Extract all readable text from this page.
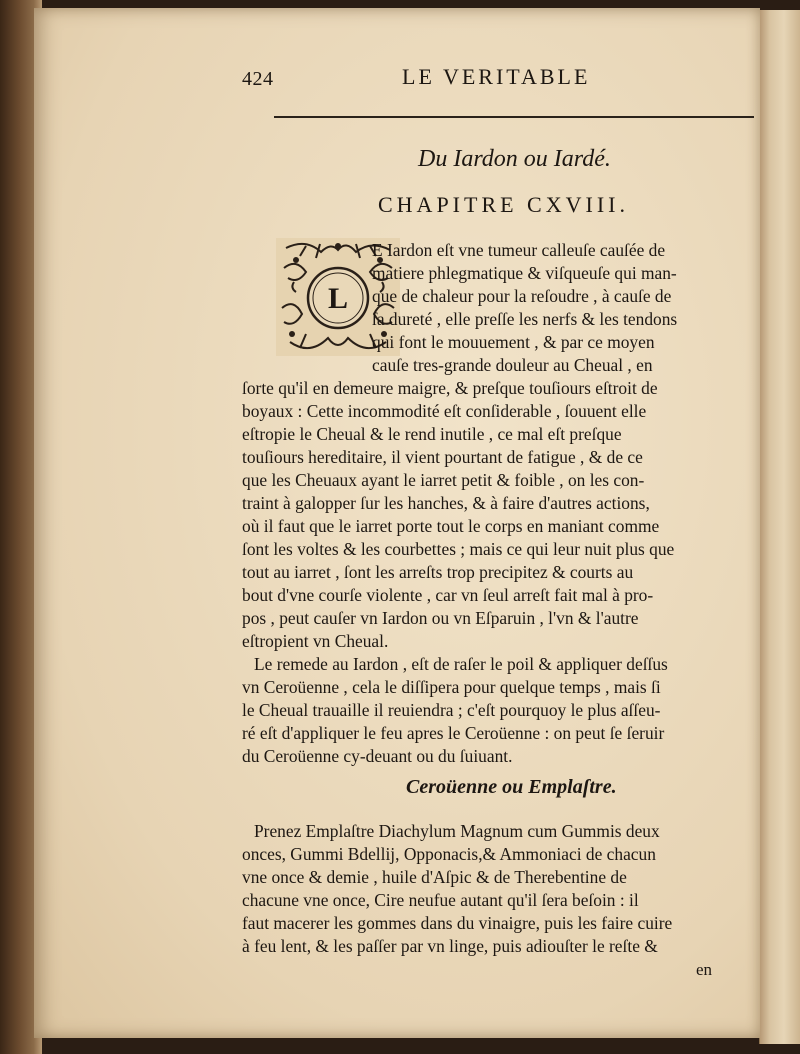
424	LE VERITABLE
Du Iardon ou Iardé.
CHAPITRE CXVIII.
L
E Iardon eſt vne tumeur calleuſe cauſée de
matiere phlegmatique & viſqueuſe qui man-
que de chaleur pour la reſoudre , à cauſe de
ſa dureté , elle preſſe les nerfs & les tendons
qui font le mouuement , & par ce moyen
cauſe tres-grande douleur au Cheual , en
ſorte qu'il en demeure maigre, & preſque touſiours eſtroit de
boyaux : Cette incommodité eſt conſiderable , ſouuent elle
eſtropie le Cheual & le rend inutile , ce mal eſt preſque
touſiours hereditaire, il vient pourtant de fatigue , & de ce
que les Cheuaux ayant le iarret petit & foible , on les con-
traint à galopper ſur les hanches, & à faire d'autres actions,
où il faut que le iarret porte tout le corps en maniant comme
ſont les voltes & les courbettes ; mais ce qui leur nuit plus que
tout au iarret , ſont les arreſts trop precipitez & courts au
bout d'vne courſe violente , car vn ſeul arreſt fait mal à pro-
pos , peut cauſer vn Iardon ou vn Eſparuin , l'vn & l'autre
eſtropient vn Cheual.
Le remede au Iardon , eſt de raſer le poil & appliquer deſſus
vn Ceroüenne , cela le diſſipera pour quelque temps , mais ſi
le Cheual trauaille il reuiendra ; c'eſt pourquoy le plus aſſeu-
ré eſt d'appliquer le feu apres le Ceroüenne : on peut ſe ſeruir
du Ceroüenne cy-deuant ou du ſuiuant.
Ceroüenne ou Emplaſtre.
Prenez Emplaſtre Diachylum Magnum cum Gummis deux
onces, Gummi Bdellij, Opponacis,& Ammoniaci de chacun
vne once & demie , huile d'Aſpic & de Therebentine de
chacune vne once, Cire neufue autant qu'il ſera beſoin : il
faut macerer les gommes dans du vinaigre, puis les faire cuire
à feu lent, & les paſſer par vn linge, puis adiouſter le reſte &
en
